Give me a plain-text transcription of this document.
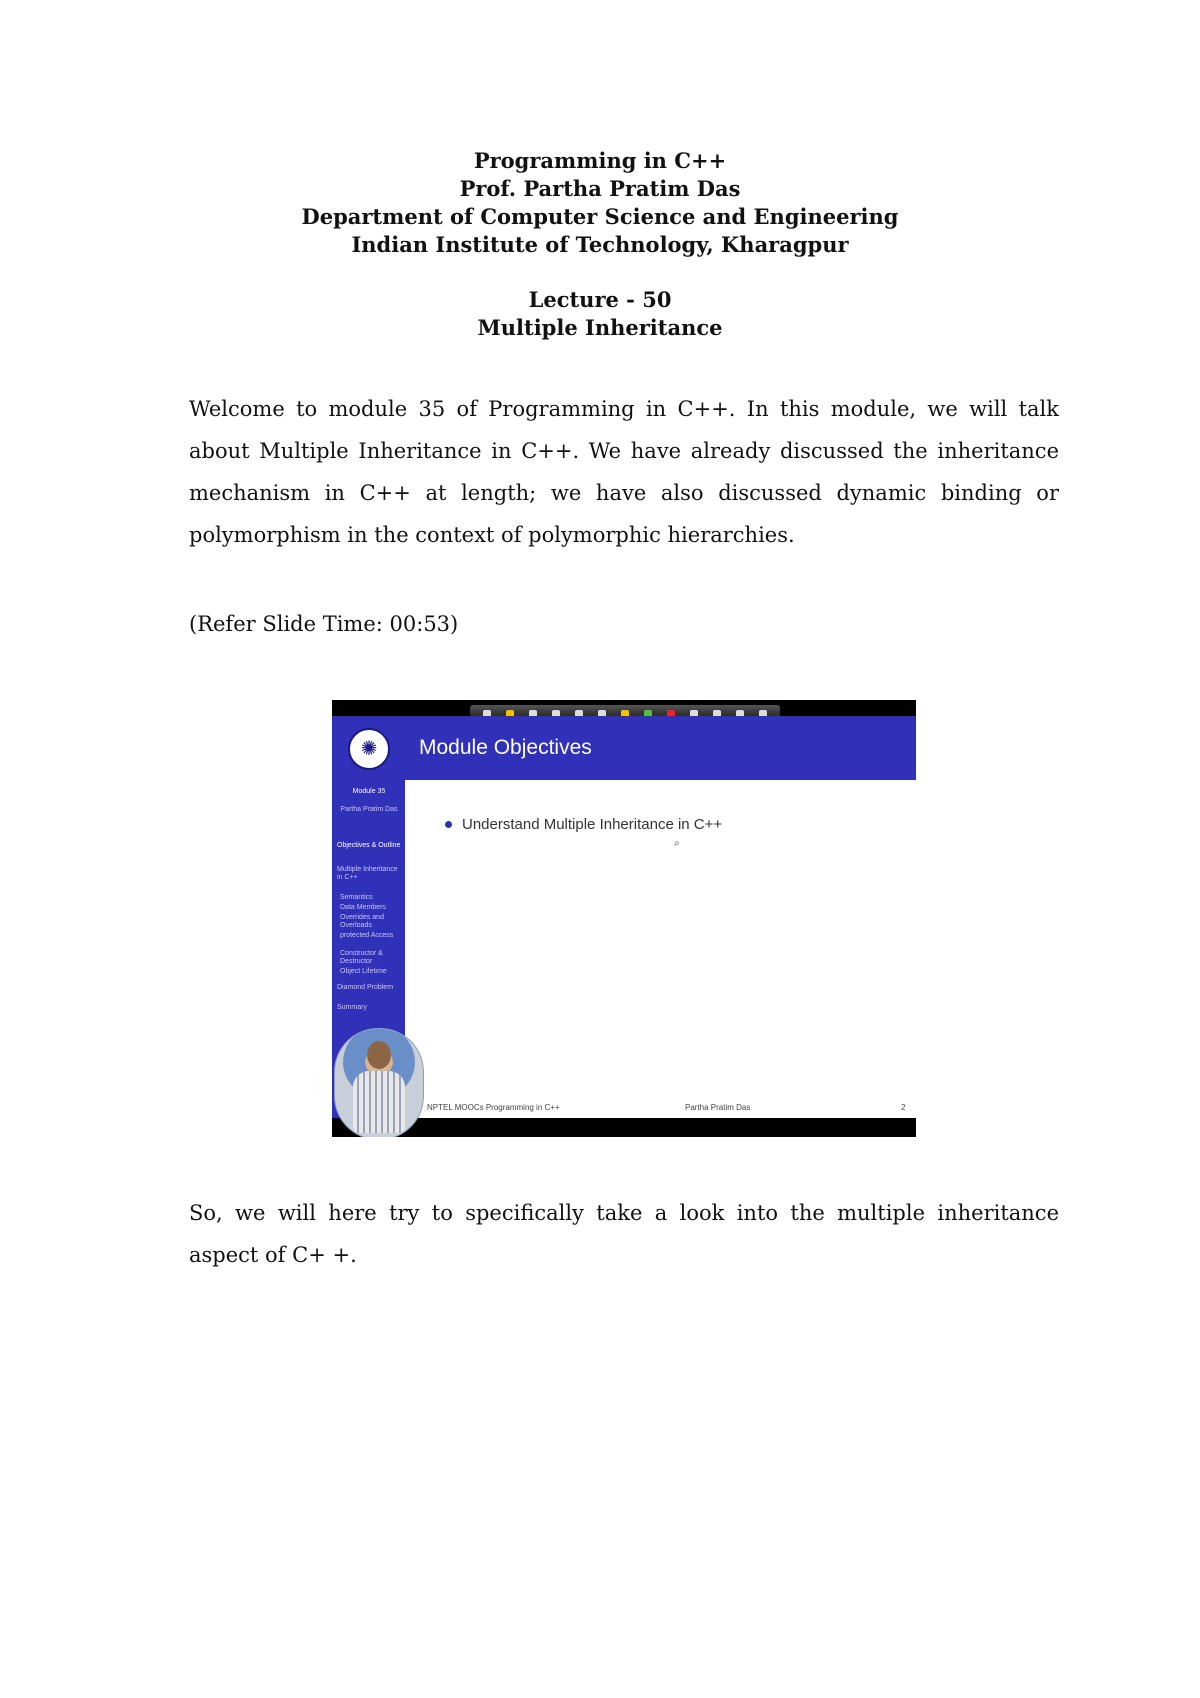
Programming in C++
Prof. Partha Pratim Das
Department of Computer Science and Engineering
Indian Institute of Technology, Kharagpur
Lecture - 50
Multiple Inheritance
Welcome to module 35 of Programming in C++. In this module, we will talk about Multiple Inheritance in C++. We have already discussed the inheritance mechanism in C++ at length; we have also discussed dynamic binding or polymorphism in the context of polymorphic hierarchies.
(Refer Slide Time: 00:53)
✺
Module 35
Partha Pratim Das
Objectives & Outline
Multiple Inheritance in C++
Semantics
Data Members
Overrides and Overloads
protected Access
Constructor & Destructor
Object Lifetime
Diamond Problem
Summary
Module Objectives
Understand Multiple Inheritance in C++
⌕
NPTEL MOOCs Programming in C++	Partha Pratim Das	2
So, we will here try to specifically take a look into the multiple inheritance aspect of C+ +.
